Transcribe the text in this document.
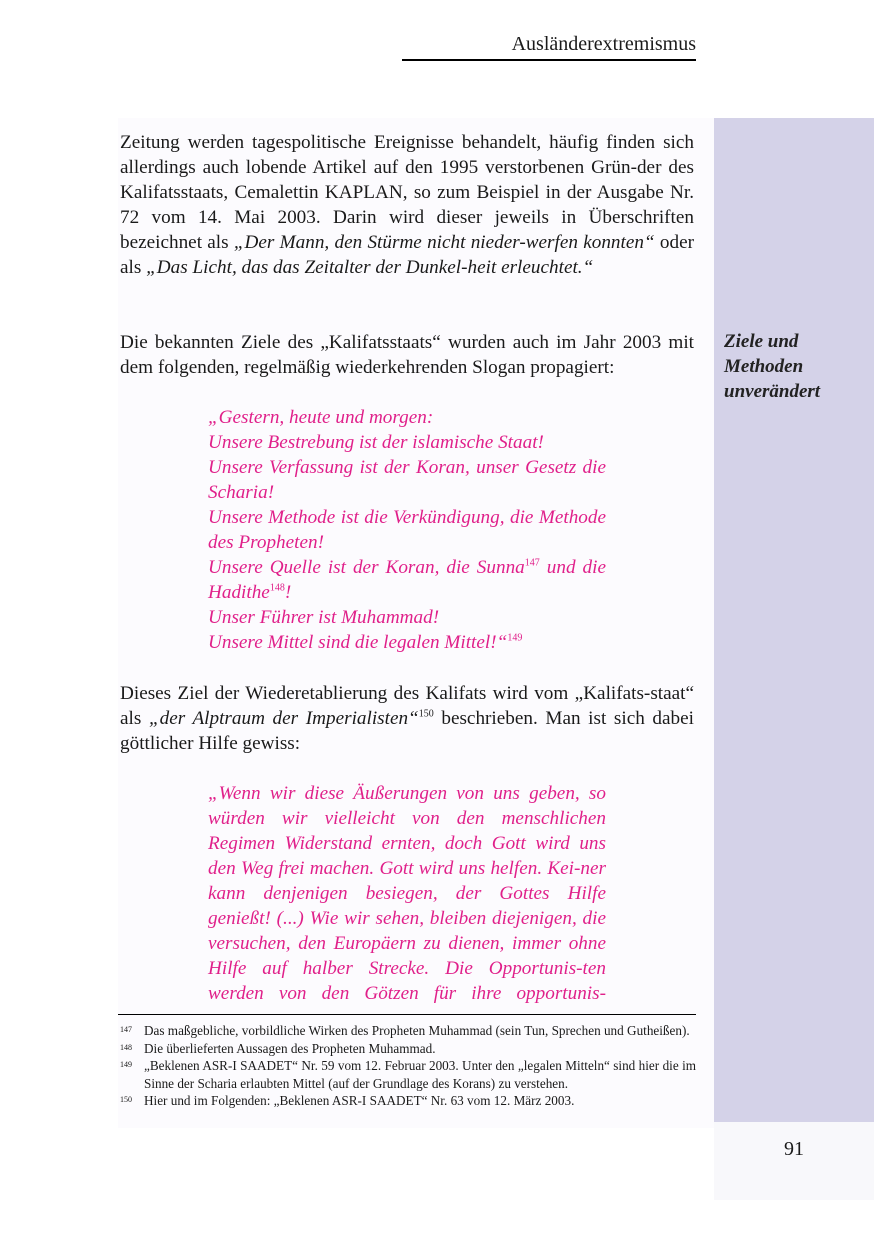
Ausländerextremismus
Ziele und Methoden unverändert
91

Zeitung werden tagespolitische Ereignisse behandelt, häufig finden sich allerdings auch lobende Artikel auf den 1995 verstorbenen Grün-der des Kalifatsstaats, Cemalettin KAPLAN, so zum Beispiel in der Ausgabe Nr. 72 vom 14. Mai 2003. Darin wird dieser jeweils in Überschriften bezeichnet als „Der Mann, den Stürme nicht nieder-werfen konnten“ oder als „Das Licht, das das Zeitalter der Dunkel-heit erleuchtet.“

Die bekannten Ziele des „Kalifatsstaats“ wurden auch im Jahr 2003 mit dem folgenden, regelmäßig wiederkehrenden Slogan propagiert:

„Gestern, heute und morgen:
Unsere Bestrebung ist der islamische Staat!
Unsere Verfassung ist der Koran, unser Gesetz die Scharia!
Unsere Methode ist die Verkündigung, die Methode des Propheten!
Unsere Quelle ist der Koran, die Sunna$^{147}$ und die Hadithe$^{148}$!
Unser Führer ist Muhammad!
Unsere Mittel sind die legalen Mittel!“$^{149}$

Dieses Ziel der Wiederetablierung des Kalifats wird vom „Kalifats-staat“ als „der Alptraum der Imperialisten“$^{150}$ beschrieben. Man ist sich dabei göttlicher Hilfe gewiss:

„Wenn wir diese Äußerungen von uns geben, so würden wir vielleicht von den menschlichen Regimen Widerstand ernten, doch Gott wird uns den Weg frei machen. Gott wird uns helfen. Kei-ner kann denjenigen besiegen, der Gottes Hilfe genießt! (...) Wie wir sehen, bleiben diejenigen, die versuchen, den Europäern zu dienen, immer ohne Hilfe auf halber Strecke. Die Opportunis-ten werden von den Götzen für ihre opportunis-

147 Das maßgebliche, vorbildliche Wirken des Propheten Muhammad (sein Tun, Sprechen und Gutheißen).
148 Die überlieferten Aussagen des Propheten Muhammad.
149 „Beklenen ASR-I SAADET“ Nr. 59 vom 12. Februar 2003. Unter den „legalen Mitteln“ sind hier die im Sinne der Scharia erlaubten Mittel (auf der Grundlage des Korans) zu verstehen.
150 Hier und im Folgenden: „Beklenen ASR-I SAADET“ Nr. 63 vom 12. März 2003.
